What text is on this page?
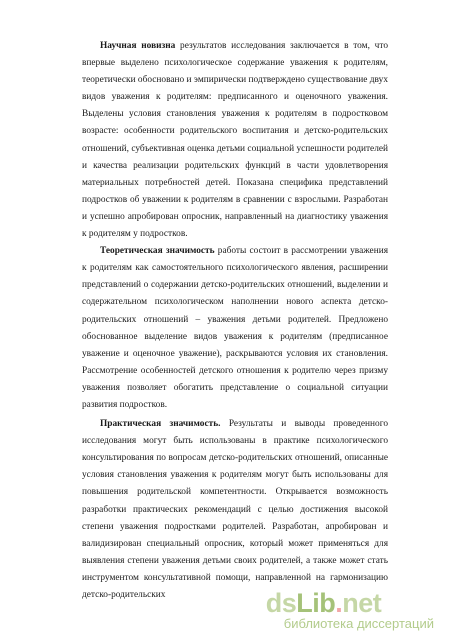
Научная новизна результатов исследования заключается в том, что впервые выделено психологическое содержание уважения к родителям, теоретически обосновано и эмпирически подтверждено существование двух видов уважения к родителям: предписанного и оценочного уважения. Выделены условия становления уважения к родителям в подростковом возрасте: особенности родительского воспитания и детско-родительских отношений, субъективная оценка детьми социальной успешности родителей и качества реализации родительских функций в части удовлетворения материальных потребностей детей. Показана специфика представлений подростков об уважении к родителям в сравнении с взрослыми. Разработан и успешно апробирован опросник, направленный на диагностику уважения к родителям у подростков.

Теоретическая значимость работы состоит в рассмотрении уважения к родителям как самостоятельного психологического явления, расширении представлений о содержании детско-родительских отношений, выделении и содержательном психологическом наполнении нового аспекта детско-родительских отношений – уважения детьми родителей. Предложено обоснованное выделение видов уважения к родителям (предписанное уважение и оценочное уважение), раскрываются условия их становления. Рассмотрение особенностей детского отношения к родителю через призму уважения позволяет обогатить представление о социальной ситуации развития подростков.

Практическая значимость. Результаты и выводы проведенного исследования могут быть использованы в практике психологического консультирования по вопросам детско-родительских отношений, описанные условия становления уважения к родителям могут быть использованы для повышения родительской компетентности. Открывается возможность разработки практических рекомендаций с целью достижения высокой степени уважения подростками родителей. Разработан, апробирован и валидизирован специальный опросник, который может применяться для выявления степени уважения детьми своих родителей, а также может стать инструментом консультативной помощи, направленной на гармонизацию детско-родительских	dsLib.net
библиотека диссертаций
